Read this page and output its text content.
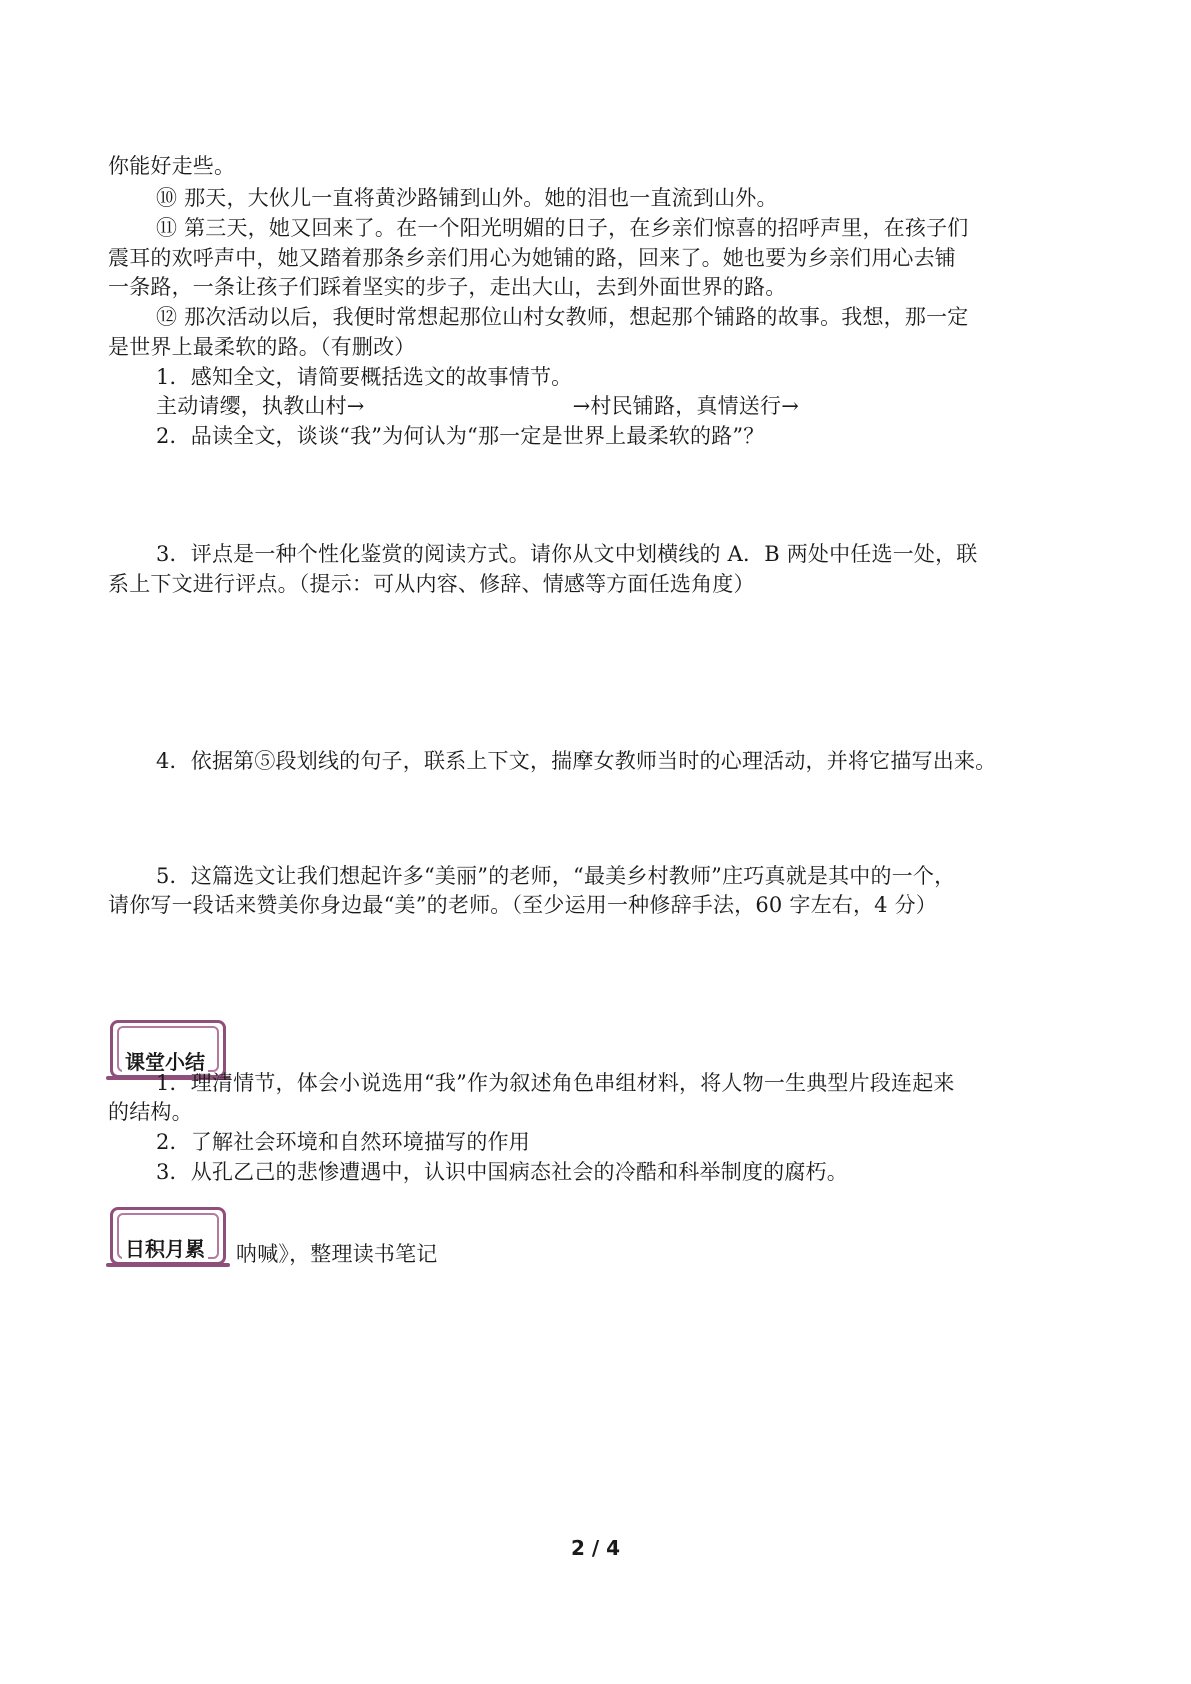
你能好走些。
⑩ 那天，大伙儿一直将黄沙路铺到山外。她的泪也一直流到山外。
⑪ 第三天，她又回来了。在一个阳光明媚的日子，在乡亲们惊喜的招呼声里，在孩子们
震耳的欢呼声中，她又踏着那条乡亲们用心为她铺的路，回来了。她也要为乡亲们用心去铺
一条路，一条让孩子们踩着坚实的步子，走出大山，去到外面世界的路。
⑫ 那次活动以后，我便时常想起那位山村女教师，想起那个铺路的故事。我想，那一定
是世界上最柔软的路。（有删改）
1．感知全文，请简要概括选文的故事情节。
主动请缨，执教山村→	→村民铺路，真情送行→
2．品读全文，谈谈“我”为何认为“那一定是世界上最柔软的路”？
3．评点是一种个性化鉴赏的阅读方式。请你从文中划横线的 A．B 两处中任选一处，联
系上下文进行评点。（提示：可从内容、修辞、情感等方面任选角度）
4．依据第⑤段划线的句子，联系上下文，揣摩女教师当时的心理活动，并将它描写出来。
5．这篇选文让我们想起许多“美丽”的老师，“最美乡村教师”庄巧真就是其中的一个，
请你写一段话来赞美你身边最“美”的老师。（至少运用一种修辞手法，60 字左右，4 分）
课堂小结
1．理清情节，体会小说选用“我”作为叙述角色串组材料，将人物一生典型片段连起来
的结构。
2．了解社会环境和自然环境描写的作用
3．从孔乙己的悲惨遭遇中，认识中国病态社会的冷酷和科举制度的腐朽。
日积月累 呐喊》，整理读书笔记
2 / 4
